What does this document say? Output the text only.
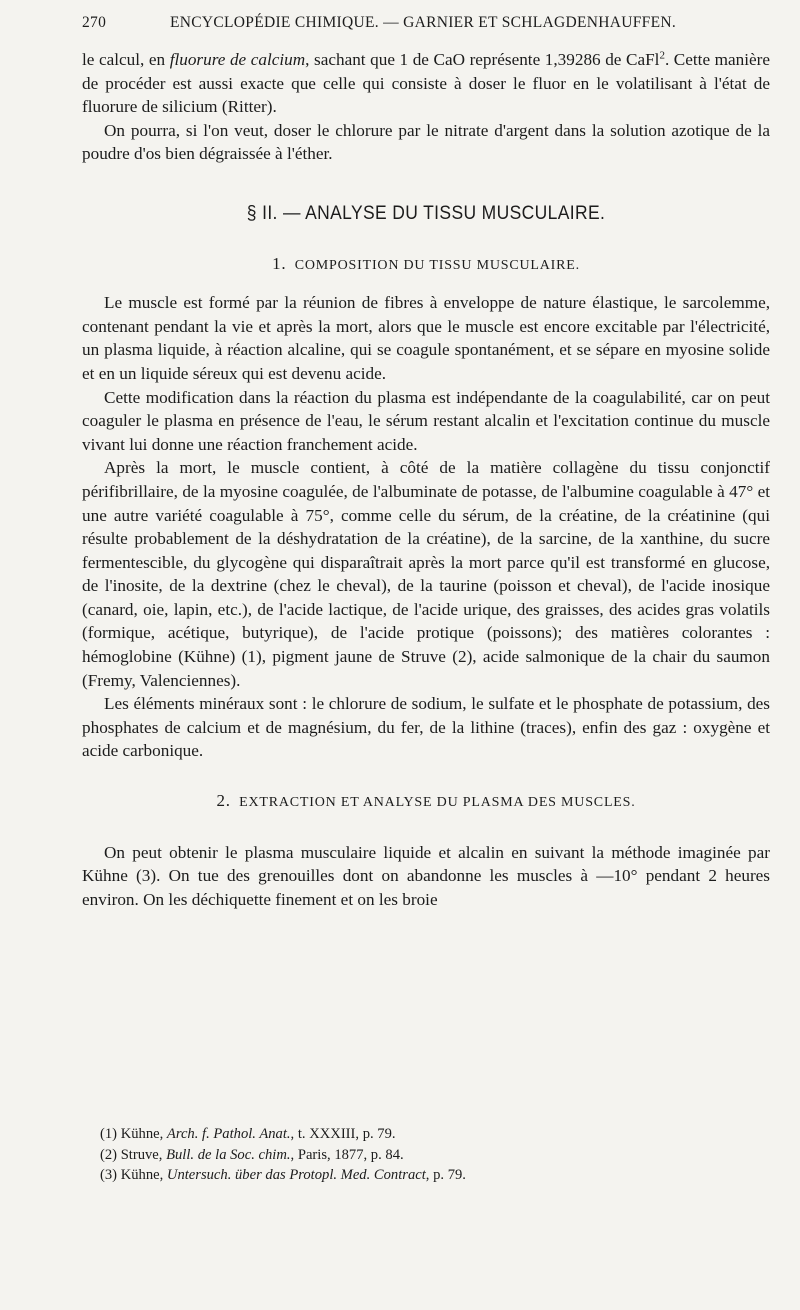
270	ENCYCLOPÉDIE CHIMIQUE. — GARNIER ET SCHLAGDENHAUFFEN.

le calcul, en fluorure de calcium, sachant que 1 de CaO représente 1,39286 de CaFl$^2$. Cette manière de procéder est aussi exacte que celle qui consiste à doser le fluor en le volatilisant à l'état de fluorure de silicium (Ritter).

On pourra, si l'on veut, doser le chlorure par le nitrate d'argent dans la solution azotique de la poudre d'os bien dégraissée à l'éther.

§ II. — ANALYSE DU TISSU MUSCULAIRE.
1. COMPOSITION DU TISSU MUSCULAIRE.

Le muscle est formé par la réunion de fibres à enveloppe de nature élastique, le sarcolemme, contenant pendant la vie et après la mort, alors que le muscle est encore excitable par l'électricité, un plasma liquide, à réaction alcaline, qui se coagule spontanément, et se sépare en myosine solide et en un liquide séreux qui est devenu acide.

Cette modification dans la réaction du plasma est indépendante de la coagulabilité, car on peut coaguler le plasma en présence de l'eau, le sérum restant alcalin et l'excitation continue du muscle vivant lui donne une réaction franchement acide.

Après la mort, le muscle contient, à côté de la matière collagène du tissu conjonctif périfibrillaire, de la myosine coagulée, de l'albuminate de potasse, de l'albumine coagulable à 47° et une autre variété coagulable à 75°, comme celle du sérum, de la créatine, de la créatinine (qui résulte probablement de la déshydratation de la créatine), de la sarcine, de la xanthine, du sucre fermentescible, du glycogène qui disparaîtrait après la mort parce qu'il est transformé en glucose, de l'inosite, de la dextrine (chez le cheval), de la taurine (poisson et cheval), de l'acide inosique (canard, oie, lapin, etc.), de l'acide lactique, de l'acide urique, des graisses, des acides gras volatils (formique, acétique, butyrique), de l'acide protique (poissons); des matières colorantes : hémoglobine (Kühne) (1), pigment jaune de Struve (2), acide salmonique de la chair du saumon (Fremy, Valenciennes).

Les éléments minéraux sont : le chlorure de sodium, le sulfate et le phosphate de potassium, des phosphates de calcium et de magnésium, du fer, de la lithine (traces), enfin des gaz : oxygène et acide carbonique.

2. EXTRACTION ET ANALYSE DU PLASMA DES MUSCLES.

On peut obtenir le plasma musculaire liquide et alcalin en suivant la méthode imaginée par Kühne (3). On tue des grenouilles dont on abandonne les muscles à —10° pendant 2 heures environ. On les déchiquette finement et on les broie

(1) Kühne, Arch. f. Pathol. Anat., t. XXXIII, p. 79.

(2) Struve, Bull. de la Soc. chim., Paris, 1877, p. 84.

(3) Kühne, Untersuch. über das Protopl. Med. Contract, p. 79.
